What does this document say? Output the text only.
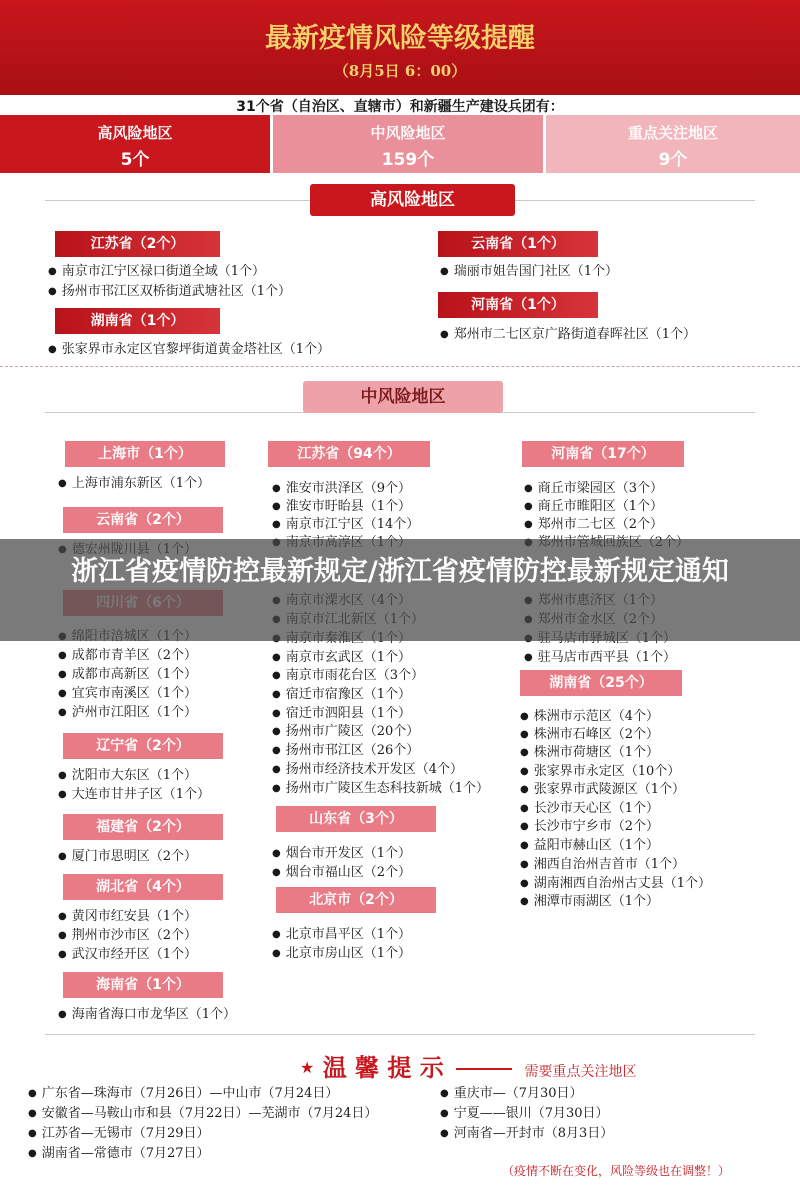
最新疫情风险等级提醒
（8月5日 6：00）
31个省（自治区、直辖市）和新疆生产建设兵团有：
高风险地区
5个
中风险地区
159个
重点关注地区
9个
高风险地区
江苏省（2个）
● 南京市江宁区禄口街道全域（1个）
● 扬州市邗江区双桥街道武塘社区（1个）
湖南省（1个）
● 张家界市永定区官黎坪街道黄金塔社区（1个）
云南省（1个）
● 瑞丽市姐告国门社区（1个）
河南省（1个）
● 郑州市二七区京广路街道春晖社区（1个）
中风险地区
上海市（1个）
● 上海市浦东新区（1个）
云南省（2个）
●
●
● 成都市青羊区（2个）
● 成都市高新区（1个）
● 宜宾市南溪区（1个）
● 泸州市江阳区（1个）
辽宁省（2个）
● 沈阳市大东区（1个）
● 大连市甘井子区（1个）
福建省（2个）
● 厦门市思明区（2个）
湖北省（4个）
● 黄冈市红安县（1个）
● 荆州市沙市区（2个）
● 武汉市经开区（1个）
海南省（1个）
● 海南省海口市龙华区（1个）
江苏省（94个）
● 淮安市洪泽区（9个）
● 淮安市盱眙县（1个）
● 南京市江宁区（14个）
●
●
●
●
● 南京市玄武区（1个）
● 南京市雨花台区（3个）
● 宿迁市宿豫区（1个）
● 宿迁市泗阳县（1个）
● 扬州市广陵区（20个）
● 扬州市邗江区（26个）
● 扬州市经济技术开发区（4个）
● 扬州市广陵区生态科技新城（1个）
山东省（3个）
● 烟台市开发区（1个）
● 烟台市福山区（2个）
北京市（2个）
● 北京市昌平区（1个）
● 北京市房山区（1个）
河南省（17个）
● 商丘市梁园区（3个）
● 商丘市睢阳区（1个）
● 郑州市二七区（2个）
●
●
●
●
● 驻马店市西平县（1个）
湖南省（25个）
● 株洲市示范区（4个）
● 株洲市石峰区（2个）
● 株洲市荷塘区（1个）
● 张家界市永定区（10个）
● 张家界市武陵源区（1个）
● 长沙市天心区（1个）
● 长沙市宁乡市（2个）
● 益阳市赫山区（1个）
● 湘西自治州吉首市（1个）
● 湖南湘西自治州古丈县（1个）
● 湘潭市雨湖区（1个）
★ 温 馨 提 示	需要重点关注地区
● 广东省—珠海市（7月26日）—中山市（7月24日）
● 安徽省—马鞍山市和县（7月22日）—芜湖市（7月24日）
● 江苏省—无锡市（7月29日）
● 湖南省—常德市（7月27日）
● 重庆市—（7月30日）
● 宁夏——银川（7月30日）
● 河南省—开封市（8月3日）
（疫情不断在变化，风险等级也在调整！）
浙江省疫情防控最新规定/浙江省疫情防控最新规定通知
